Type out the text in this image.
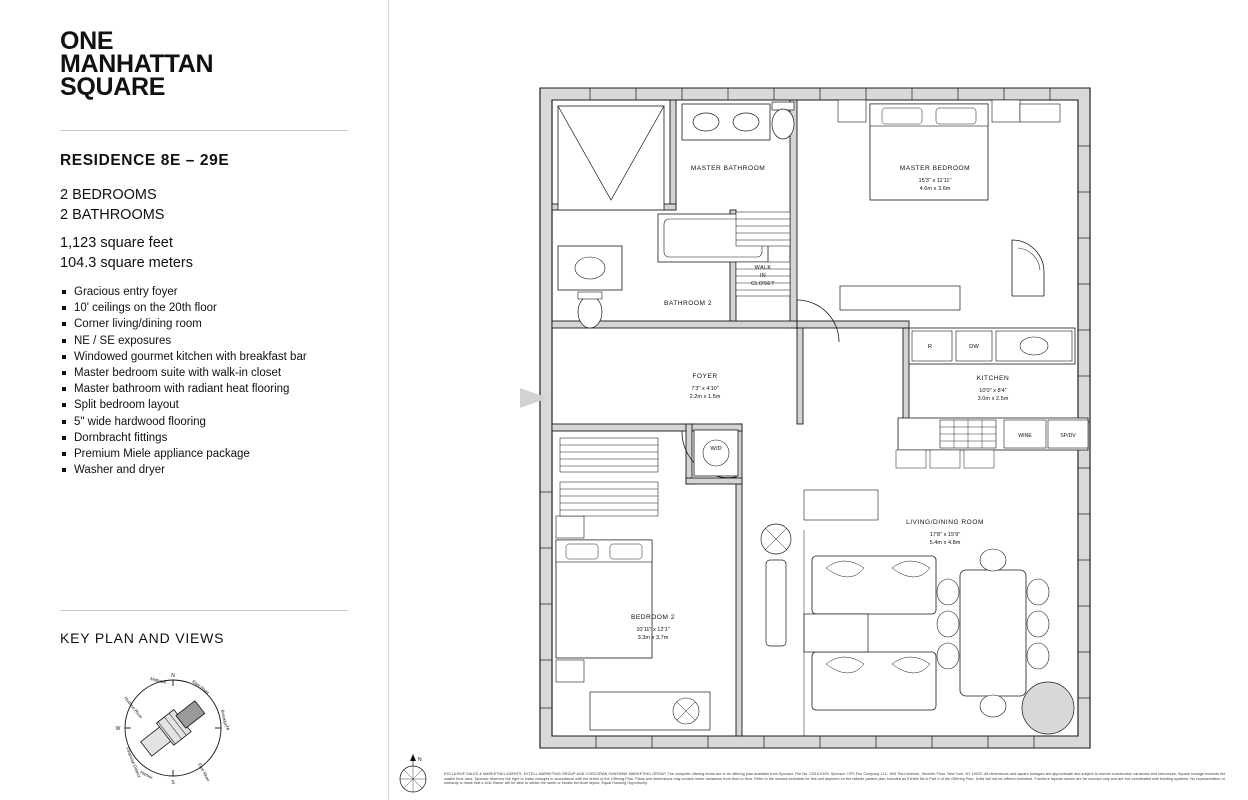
ONE
MANHATTAN
SQUARE
RESIDENCE 8E – 29E
2 BEDROOMS
2 BATHROOMS
1,123 square feet
104.3 square meters
Gracious entry foyer
10' ceilings on the 20th floor
Corner living/dining room
NE / SE exposures
Windowed gourmet kitchen with breakfast bar
Master bedroom suite with walk-in closet
Master bathroom with radiant heat flooring
Split bedroom layout
5" wide hardwood flooring
Dornbracht fittings
Premium Miele appliance package
Washer and dryer
KEY PLAN AND VIEWS
N
S
W	E
Hudson River
Midtown	East River
Brooklyn
Financial District
Harbor	East River
MASTER BATHROOM	MASTER BEDROOM
15'3" x 11'11"
4.6m x 3.6m
BATHROOM 2
WALK
IN
CLOSET
FOYER
7'3" x 4'10"
2.2m x 1.5m
KITCHEN
10'0" x 8'4"
3.0m x 2.5m
LIVING/DINING ROOM
17'8" x 15'9"
5.4m x 4.8m
BEDROOM 2
10'11" x 12'1"
3.3m x 3.7m
W/D
R	DW
WINE	SP/DV
N
EXCLUSIVE SALES & MARKETING AGENTS: EXTELL MARKETING GROUP AND CORCORAN SUNSHINE MARKETING GROUP. The complete offering terms are in an offering plan available from Sponsor, File No. CD15-0193. Sponsor: CPS Fee Company LLC, 805 Third Avenue, Seventh Floor, New York, NY 10022. All dimensions and square footages are approximate and subject to normal construction variances and tolerances. Square footage exceeds the usable floor area. Sponsor reserves the right to make changes in accordance with the terms of the Offering Plan. Plans and dimensions may contain minor variations from floor to floor. Refer to the window schedule for this unit depicted on the tallside pattern plan included as Exhibit 5A in Part II of the Offering Plan. Units will not be offered furnished. Furniture layouts shown are for concept only and are not coordinated with building systems. No representation or warranty is made that a Unit Owner will be able to obtain the same or similar furniture layout. Equal Housing Opportunity.
